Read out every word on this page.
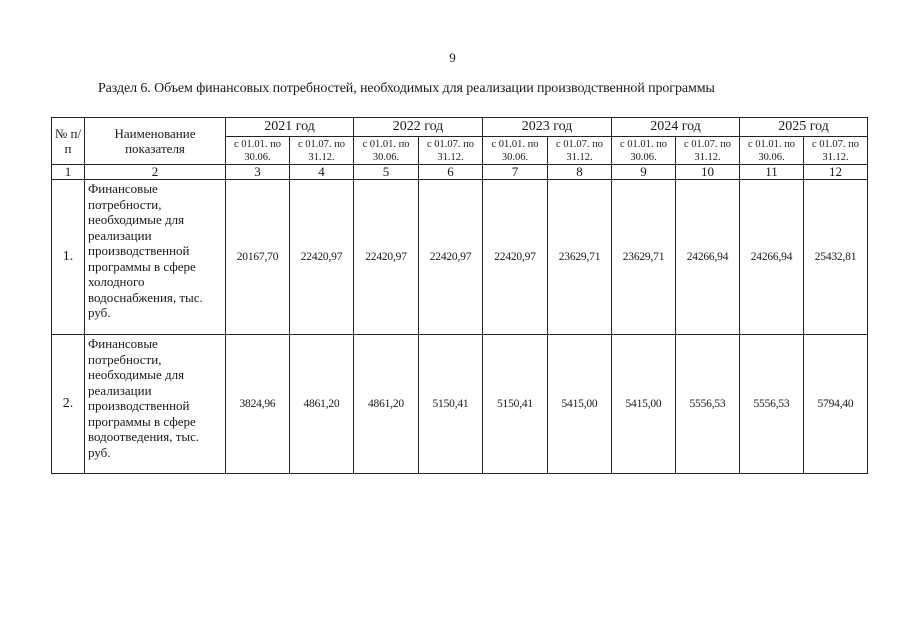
9
Раздел 6. Объем финансовых потребностей, необходимых для реализации производственной программы
№ п/п	Наименование показателя	2021 год		2022 год		2023 год		2024 год		2025 год	
		с 01.01. по 30.06.	с 01.07. по 31.12.	с 01.01. по 30.06.	с 01.07. по 31.12.	с 01.01. по 30.06.	с 01.07. по 31.12.	с 01.01. по 30.06.	с 01.07. по 31.12.	с 01.01. по 30.06.	с 01.07. по 31.12.
1	2	3	4	5	6	7	8	9	10	11	12
1.	Финансовые потребности, необходимые для реализации производственной программы в сфере холодного водоснабжения, тыс. руб.	20167,70	22420,97	22420,97	22420,97	22420,97	23629,71	23629,71	24266,94	24266,94	25432,81
2.	Финансовые потребности, необходимые для реализации производственной программы в сфере водоотведения, тыс. руб.	3824,96	4861,20	4861,20	5150,41	5150,41	5415,00	5415,00	5556,53	5556,53	5794,40
